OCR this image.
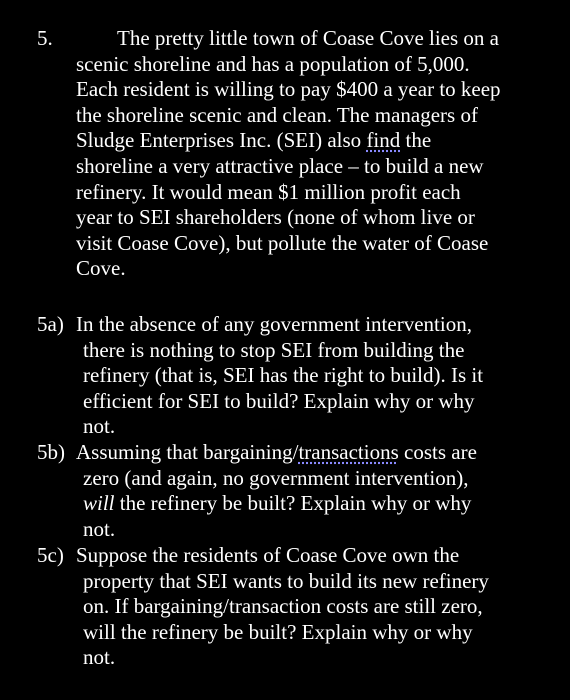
5.	The pretty little town of Coase Cove lies on a
scenic shoreline and has a population of 5,000.
Each resident is willing to pay $400 a year to keep
the shoreline scenic and clean. The managers of
Sludge Enterprises Inc. (SEI) also find the
shoreline a very attractive place – to build a new
refinery. It would mean $1 million profit each
year to SEI shareholders (none of whom live or
visit Coase Cove), but pollute the water of Coase
Cove.
5a) In the absence of any government intervention,
there is nothing to stop SEI from building the
refinery (that is, SEI has the right to build). Is it
efficient for SEI to build? Explain why or why
not.
5b) Assuming that bargaining/transactions costs are
zero (and again, no government intervention),
will the refinery be built? Explain why or why
not.
5c) Suppose the residents of Coase Cove own the
property that SEI wants to build its new refinery
on. If bargaining/transaction costs are still zero,
will the refinery be built? Explain why or why
not.
